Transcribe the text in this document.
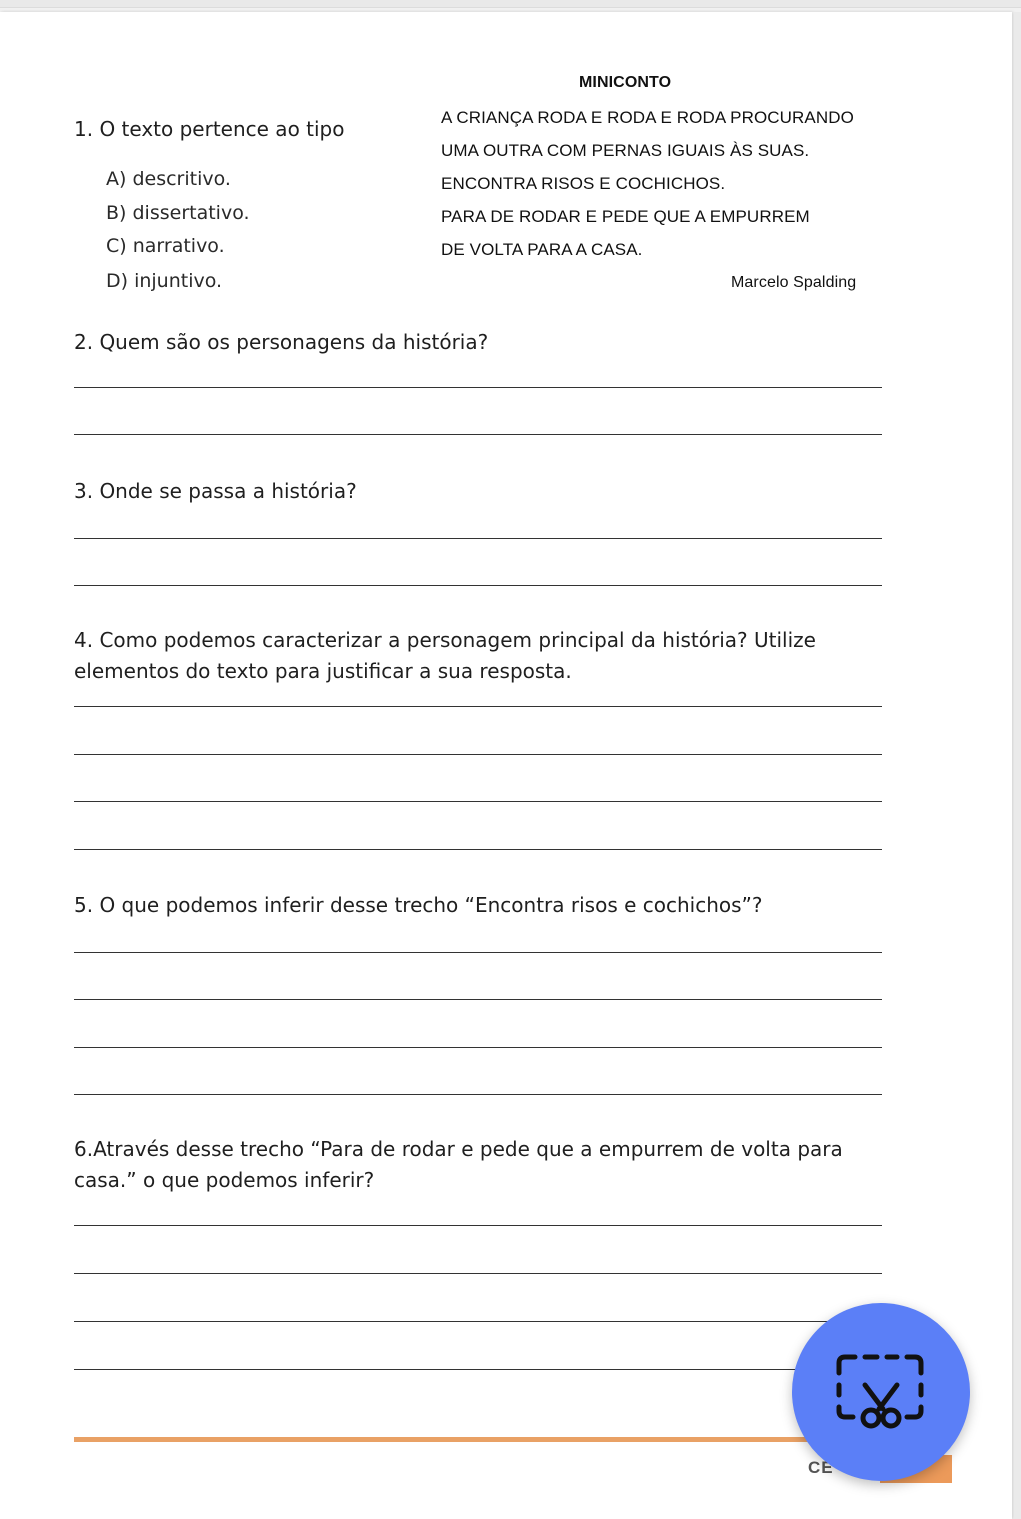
MINICONTO
A CRIANÇA RODA E RODA E RODA PROCURANDO
UMA OUTRA COM PERNAS IGUAIS ÀS SUAS.
ENCONTRA RISOS E COCHICHOS.
PARA DE RODAR E PEDE QUE A EMPURREM
DE VOLTA PARA A CASA.
Marcelo Spalding
1. O texto pertence ao tipo
A) descritivo.
B) dissertativo.
C) narrativo.
D) injuntivo.
2. Quem são os personagens da história?
3. Onde se passa a história?
4. Como podemos caracterizar a personagem principal da história? Utilize
elementos do texto para justificar a sua resposta.
5. O que podemos inferir desse trecho “Encontra risos e cochichos”?
6.Através desse trecho “Para de rodar e pede que a empurrem de volta para
casa.” o que podemos inferir?
CE
